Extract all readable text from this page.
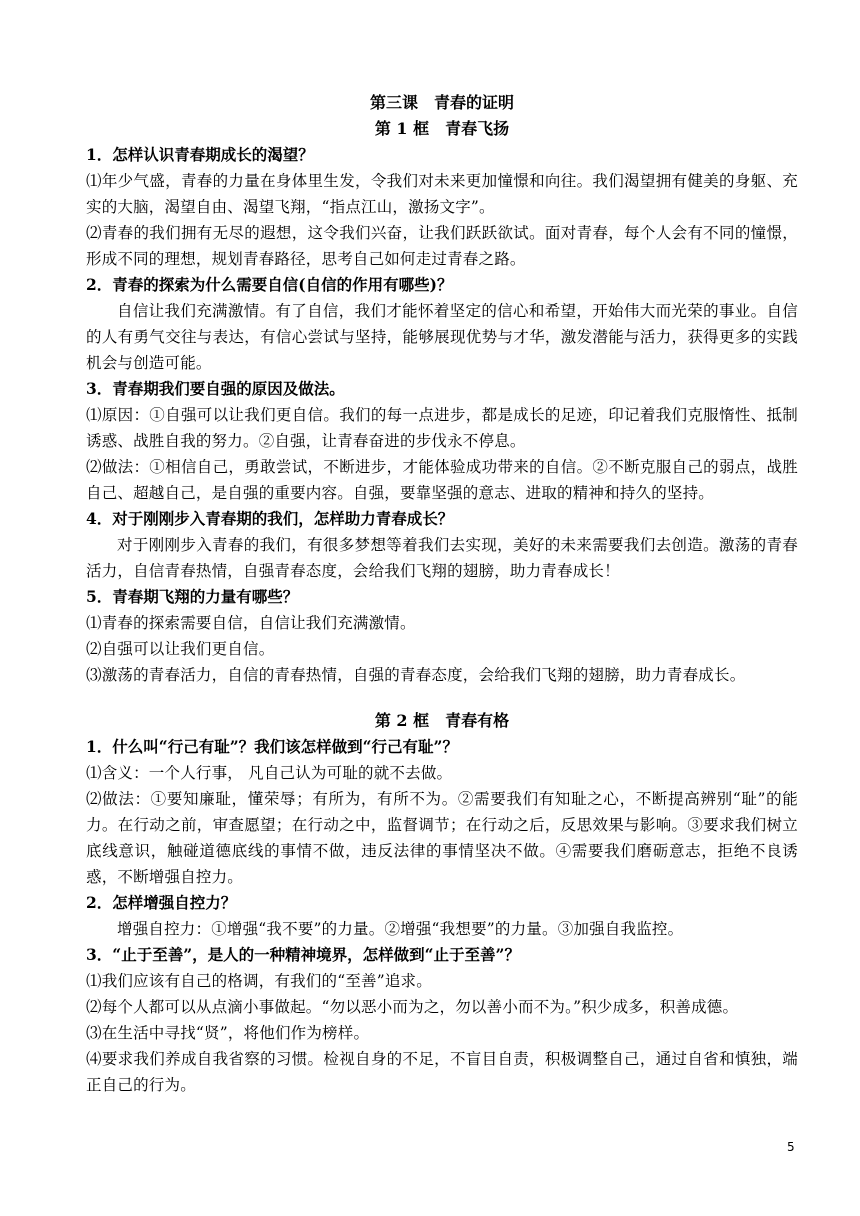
第三课　青春的证明
第 1 框　青春飞扬
1．怎样认识青春期成长的渴望？
⑴年少气盛，青春的力量在身体里生发，令我们对未来更加憧憬和向往。我们渴望拥有健美的身躯、充实的大脑，渴望自由、渴望飞翔，“指点江山，激扬文字”。
⑵青春的我们拥有无尽的遐想，这令我们兴奋，让我们跃跃欲试。面对青春，每个人会有不同的憧憬，形成不同的理想，规划青春路径，思考自己如何走过青春之路。
2．青春的探索为什么需要自信(自信的作用有哪些)？
自信让我们充满激情。有了自信，我们才能怀着坚定的信心和希望，开始伟大而光荣的事业。自信的人有勇气交往与表达，有信心尝试与坚持，能够展现优势与才华，激发潜能与活力，获得更多的实践机会与创造可能。
3．青春期我们要自强的原因及做法。
⑴原因：①自强可以让我们更自信。我们的每一点进步，都是成长的足迹，印记着我们克服惰性、抵制诱惑、战胜自我的努力。②自强，让青春奋进的步伐永不停息。
⑵做法：①相信自己，勇敢尝试，不断进步，才能体验成功带来的自信。②不断克服自己的弱点，战胜自己、超越自己，是自强的重要内容。自强，要靠坚强的意志、进取的精神和持久的坚持。
4．对于刚刚步入青春期的我们，怎样助力青春成长？
对于刚刚步入青春的我们，有很多梦想等着我们去实现，美好的未来需要我们去创造。激荡的青春活力，自信青春热情，自强青春态度，会给我们飞翔的翅膀，助力青春成长！
5．青春期飞翔的力量有哪些？
⑴青春的探索需要自信，自信让我们充满激情。
⑵自强可以让我们更自信。
⑶激荡的青春活力，自信的青春热情，自强的青春态度，会给我们飞翔的翅膀，助力青春成长。
第 2 框　青春有格
1．什么叫“行己有耻”？我们该怎样做到“行己有耻”？
⑴含义：一个人行事， 凡自己认为可耻的就不去做。
⑵做法：①要知廉耻，懂荣辱；有所为，有所不为。②需要我们有知耻之心，不断提高辨别“耻”的能力。在行动之前，审查愿望；在行动之中，监督调节；在行动之后，反思效果与影响。③要求我们树立底线意识，触碰道德底线的事情不做，违反法律的事情坚决不做。④需要我们磨砺意志，拒绝不良诱惑，不断增强自控力。
2．怎样增强自控力？
增强自控力：①增强“我不要”的力量。②增强“我想要”的力量。③加强自我监控。
3．“止于至善”，是人的一种精神境界，怎样做到“止于至善”？
⑴我们应该有自己的格调，有我们的“至善”追求。
⑵每个人都可以从点滴小事做起。“勿以恶小而为之，勿以善小而不为。”积少成多，积善成德。
⑶在生活中寻找“贤”，将他们作为榜样。
⑷要求我们养成自我省察的习惯。检视自身的不足，不盲目自责，积极调整自己，通过自省和慎独，端正自己的行为。
5
